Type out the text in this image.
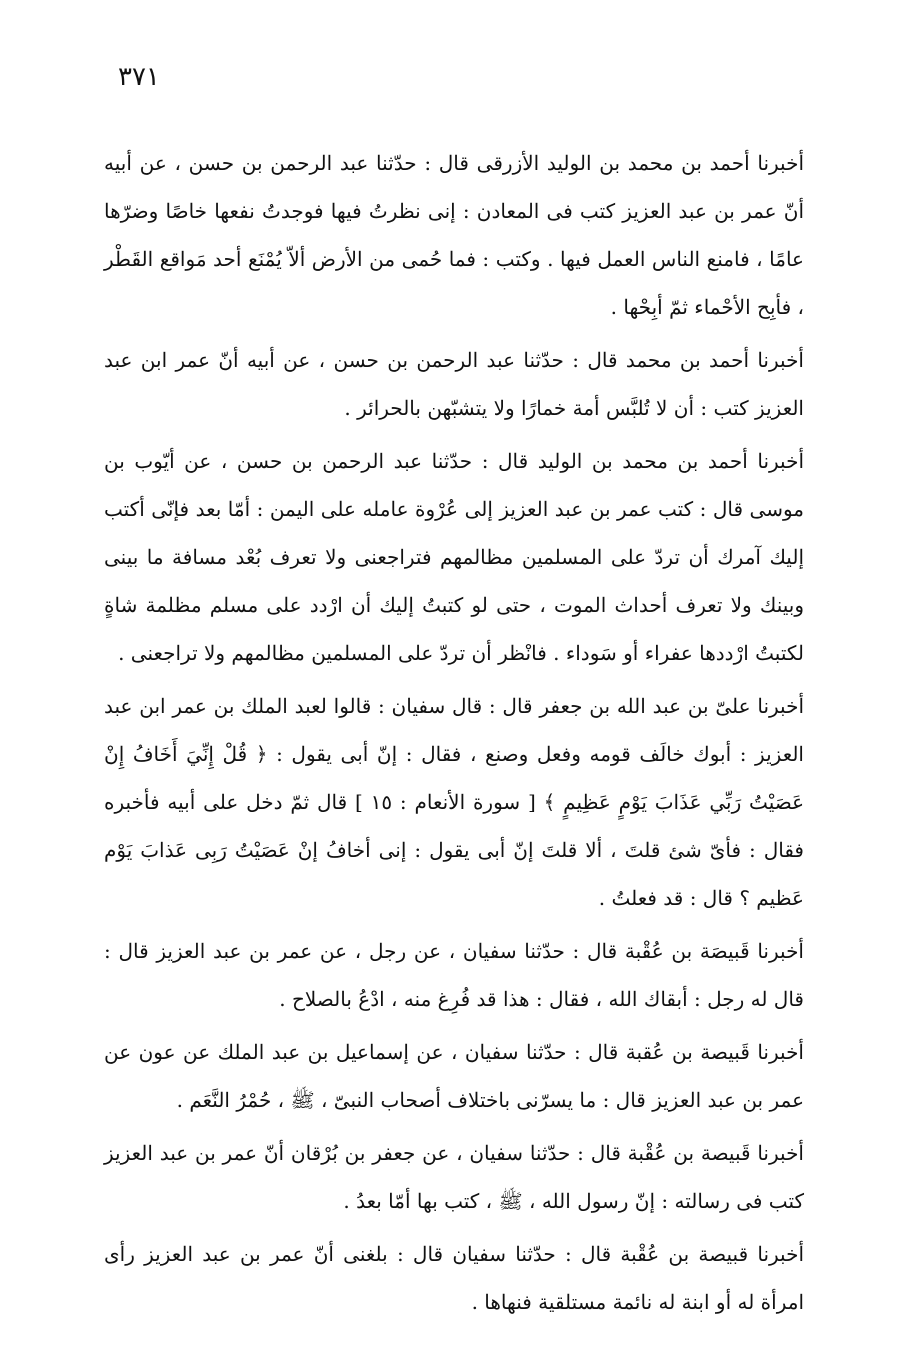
٣٧١

أخبرنا أحمد بن محمد بن الوليد الأزرقى قال : حدّثنا عبد الرحمن بن حسن ، عن أبيه أنّ عمر بن عبد العزيز كتب فى المعادن : إنى نظرتُ فيها فوجدتُ نفعها خاصًا وضرّها عامًا ، فامنع الناس العمل فيها . وكتب : فما حُمى من الأرض ألاّ يُمْنَع أحد مَواقع القَطْر ، فأبِح الأحْماء ثمّ أبِحْها .

أخبرنا أحمد بن محمد قال : حدّثنا عبد الرحمن بن حسن ، عن أبيه أنّ عمر ابن عبد العزيز كتب : أن لا تُلبَّس أمة خمارًا ولا يتشبّهن بالحرائر .

أخبرنا أحمد بن محمد بن الوليد قال : حدّثنا عبد الرحمن بن حسن ، عن أيّوب بن موسى قال : كتب عمر بن عبد العزيز إلى عُرْوة عامله على اليمن : أمّا بعد فإنّى أكتب إليك آمرك أن تردّ على المسلمين مظالمهم فتراجعنى ولا تعرف بُعْد مسافة ما بينى وبينك ولا تعرف أحداث الموت ، حتى لو كتبتُ إليك أن ارْدد على مسلم مظلمة شاةٍ لكتبتُ ارْددها عفراء أو سَوداء . فانْظر أن تردّ على المسلمين مظالمهم ولا تراجعنى .

أخبرنا علىّ بن عبد الله بن جعفر قال : قال سفيان : قالوا لعبد الملك بن عمر ابن عبد العزيز : أبوك خالَف قومه وفعل وصنع ، فقال : إنّ أبى يقول : ﴿ قُلْ إِنِّيَ أَخَافُ إِنْ عَصَيْتُ رَبِّي عَذَابَ يَوْمٍ عَظِيمٍ ﴾ [ سورة الأنعام : ١٥ ] قال ثمّ دخل على أبيه فأخبره فقال : فأىّ شئ قلتَ ، ألا قلتَ إنّ أبى يقول : إنى أخافُ إنْ عَصَيْتُ رَبِى عَذابَ يَوْم عَظيم ؟ قال : قد فعلتُ .

أخبرنا قَبيصَة بن عُقْبة قال : حدّثنا سفيان ، عن رجل ، عن عمر بن عبد العزيز قال : قال له رجل : أبقاك الله ، فقال : هذا قد فُرِغ منه ، ادْعُ بالصلاح .

أخبرنا قَبيصة بن عُقبة قال : حدّثنا سفيان ، عن إسماعيل بن عبد الملك عن عون عن عمر بن عبد العزيز قال : ما يسرّنى باختلاف أصحاب النبىّ ، ﷺ ، حُمْرُ النَّعَم .

أخبرنا قَبيصة بن عُقْبة قال : حدّثنا سفيان ، عن جعفر بن بُرْقان أنّ عمر بن عبد العزيز كتب فى رسالته : إنّ رسول الله ، ﷺ ، كتب بها أمّا بعدُ .

أخبرنا قبيصة بن عُقْبة قال : حدّثنا سفيان قال : بلغنى أنّ عمر بن عبد العزيز رأى امرأة له أو ابنة له نائمة مستلقية فنهاها .
